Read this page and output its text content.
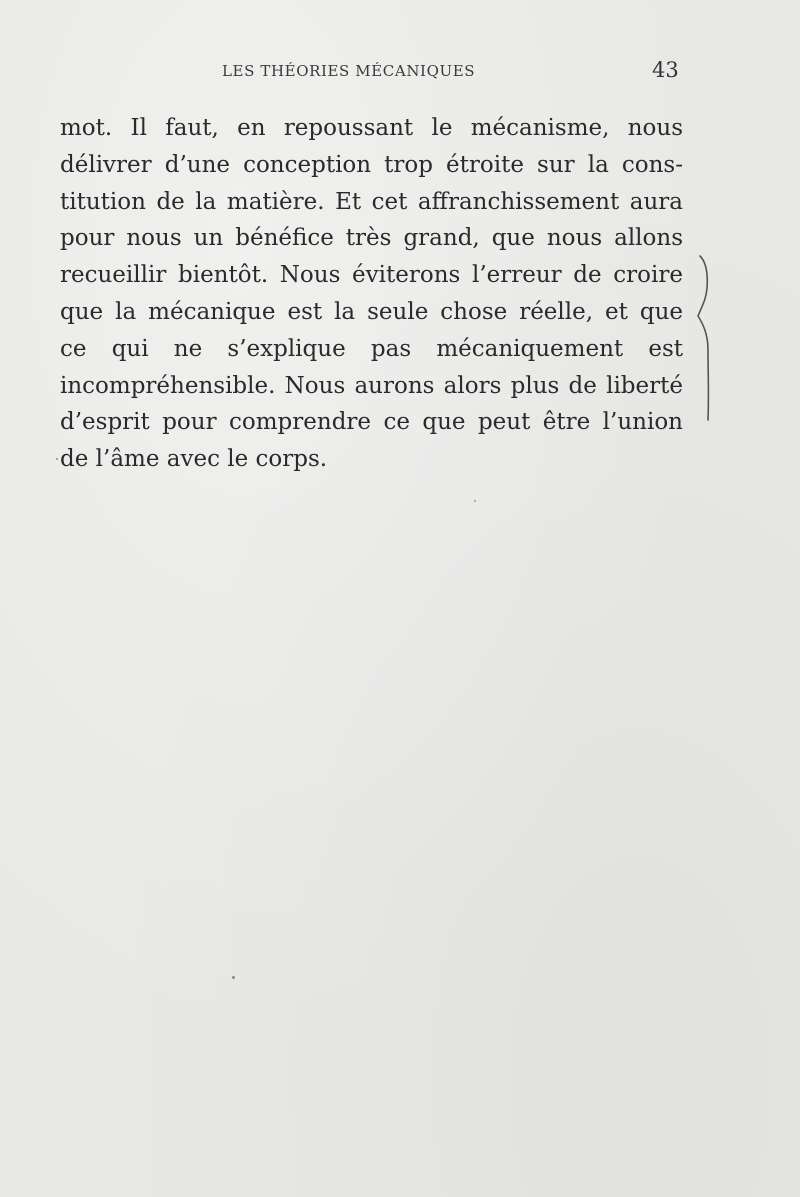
LES THÉORIES MÉCANIQUES	43
mot. Il faut, en repoussant le mécanisme, nous
délivrer d’une conception trop étroite sur la cons-
titution de la matière. Et cet affranchissement aura
pour nous un bénéfice très grand, que nous allons
recueillir bientôt. Nous éviterons l’erreur de croire
que la mécanique est la seule chose réelle, et que
ce qui ne s’explique pas mécaniquement est
incompréhensible. Nous aurons alors plus de liberté
d’esprit pour comprendre ce que peut être l’union
de l’âme avec le corps.
